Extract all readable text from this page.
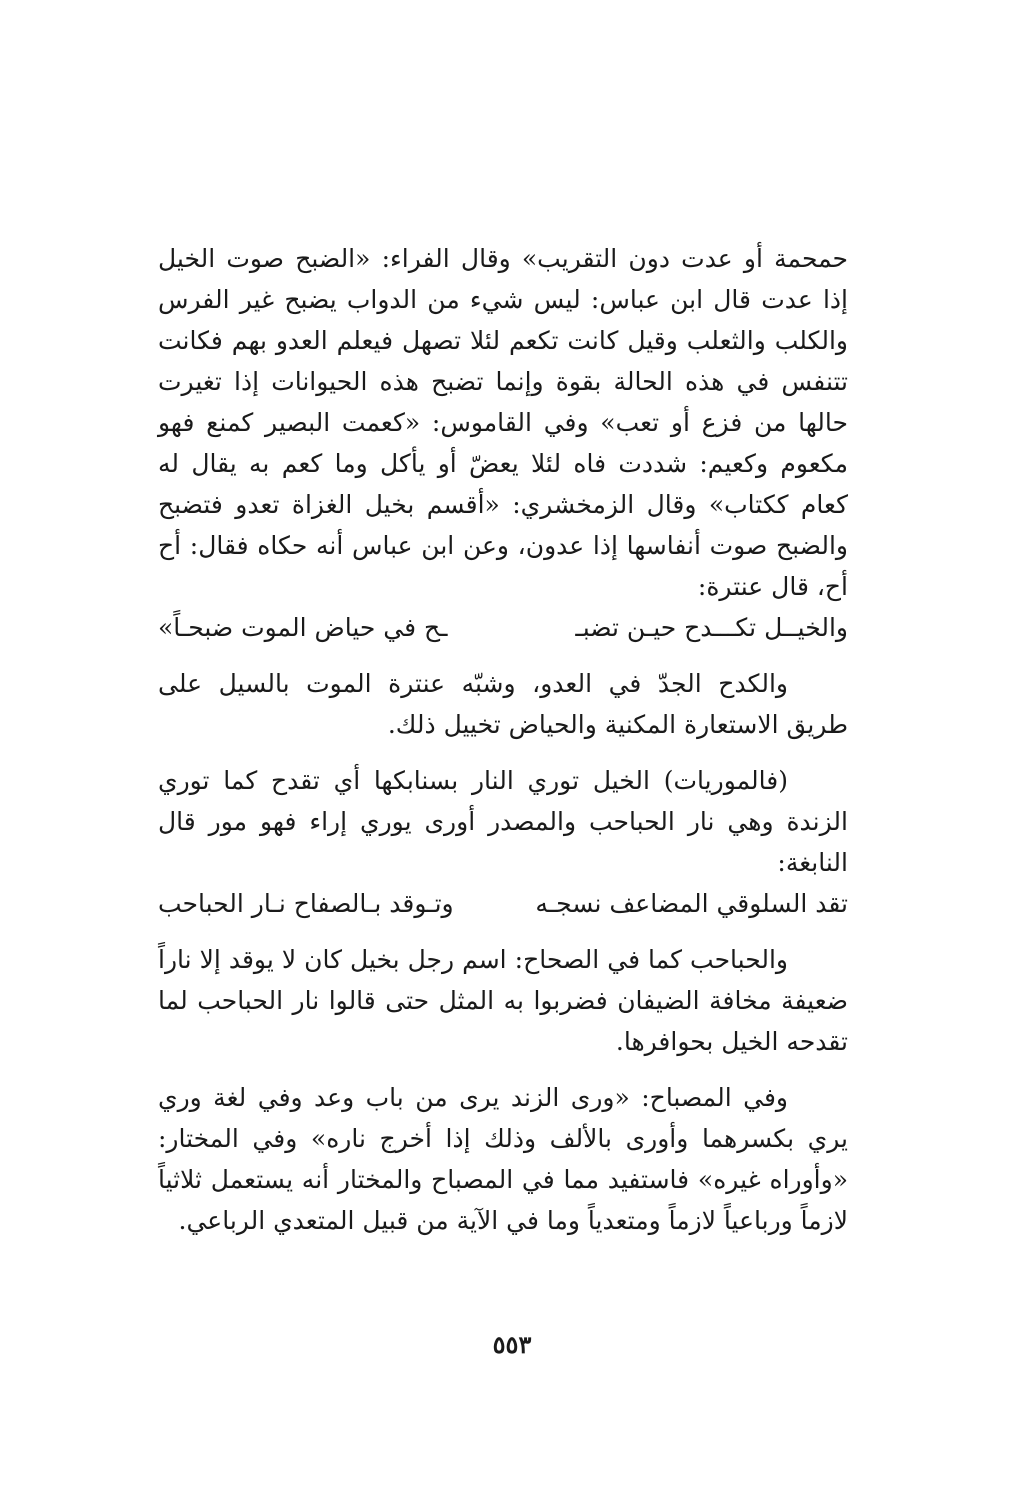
حمحمة أو عدت دون التقريب» وقال الفراء: «الضبح صوت الخيل إذا عدت قال ابن عباس: ليس شيء من الدواب يضبح غير الفرس والكلب والثعلب وقيل كانت تكعم لئلا تصهل فيعلم العدو بهم فكانت تتنفس في هذه الحالة بقوة وإنما تضبح هذه الحيوانات إذا تغيرت حالها من فزع أو تعب» وفي القاموس: «كعمت البصير كمنع فهو مكعوم وكعيم: شددت فاه لئلا يعضّ أو يأكل وما كعم به يقال له كعام ككتاب» وقال الزمخشري: «أقسم بخيل الغزاة تعدو فتضبح والضبح صوت أنفاسها إذا عدون، وعن ابن عباس أنه حكاه فقال: أح أح، قال عنترة:

والخيــل تكـــدح حيـن تضبـ
ـح في حياض الموت ضبحـاً»

والكدح الجدّ في العدو، وشبّه عنترة الموت بالسيل على طريق الاستعارة المكنية والحياض تخييل ذلك.

(فالموريات) الخيل توري النار بسنابكها أي تقدح كما توري الزندة وهي نار الحباحب والمصدر أورى يوري إراء فهو مور قال النابغة:

تقد السلوقي المضاعف نسجـه
وتـوقد بـالصفاح نـار الحباحب

والحباحب كما في الصحاح: اسم رجل بخيل كان لا يوقد إلا ناراً ضعيفة مخافة الضيفان فضربوا به المثل حتى قالوا نار الحباحب لما تقدحه الخيل بحوافرها.

وفي المصباح: «ورى الزند يرى من باب وعد وفي لغة وري يري بكسرهما وأورى بالألف وذلك إذا أخرج ناره» وفي المختار: «وأوراه غيره» فاستفيد مما في المصباح والمختار أنه يستعمل ثلاثياً لازماً ورباعياً لازماً ومتعدياً وما في الآية من قبيل المتعدي الرباعي.

٥٥٣
